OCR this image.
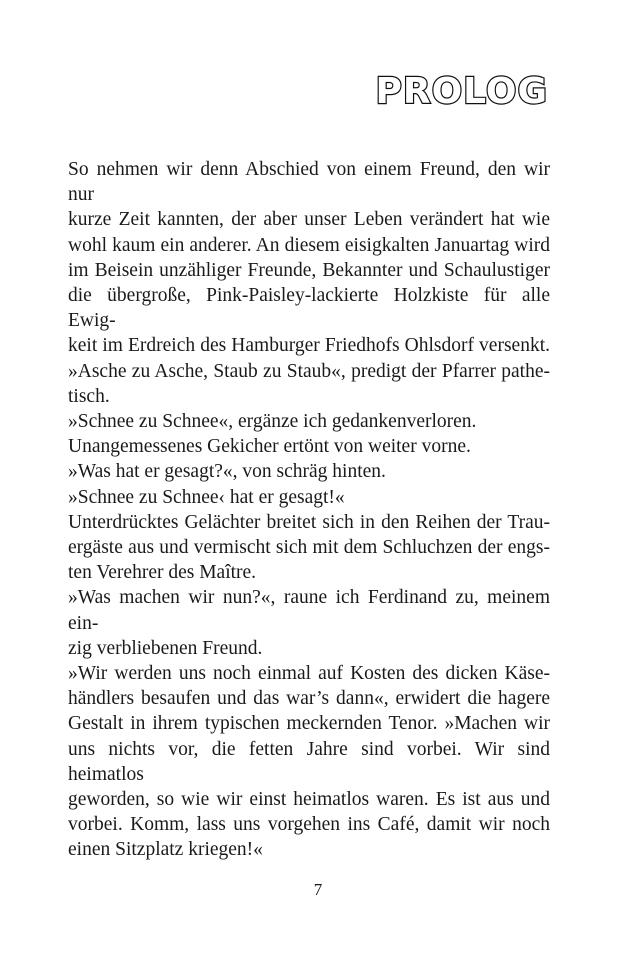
PROLOG
So nehmen wir denn Abschied von einem Freund, den wir nur
kurze Zeit kannten, der aber unser Leben verändert hat wie
wohl kaum ein anderer. An diesem eisigkalten Januartag wird
im Beisein unzähliger Freunde, Bekannter und Schaulustiger
die übergroße, Pink-Paisley-lackierte Holzkiste für alle Ewig-
keit im Erdreich des Hamburger Friedhofs Ohlsdorf versenkt.
»Asche zu Asche, Staub zu Staub«, predigt der Pfarrer pathe-
tisch.
»Schnee zu Schnee«, ergänze ich gedankenverloren.
Unangemessenes Gekicher ertönt von weiter vorne.
»Was hat er gesagt?«, von schräg hinten.
»Schnee zu Schnee‹ hat er gesagt!«
Unterdrücktes Gelächter breitet sich in den Reihen der Trau-
ergäste aus und vermischt sich mit dem Schluchzen der engs-
ten Verehrer des Maître.
»Was machen wir nun?«, raune ich Ferdinand zu, meinem ein-
zig verbliebenen Freund.
»Wir werden uns noch einmal auf Kosten des dicken Käse-
händlers besaufen und das war’s dann«, erwidert die hagere
Gestalt in ihrem typischen meckernden Tenor. »Machen wir
uns nichts vor, die fetten Jahre sind vorbei. Wir sind heimatlos
geworden, so wie wir einst heimatlos waren. Es ist aus und
vorbei. Komm, lass uns vorgehen ins Café, damit wir noch
einen Sitzplatz kriegen!«

7
